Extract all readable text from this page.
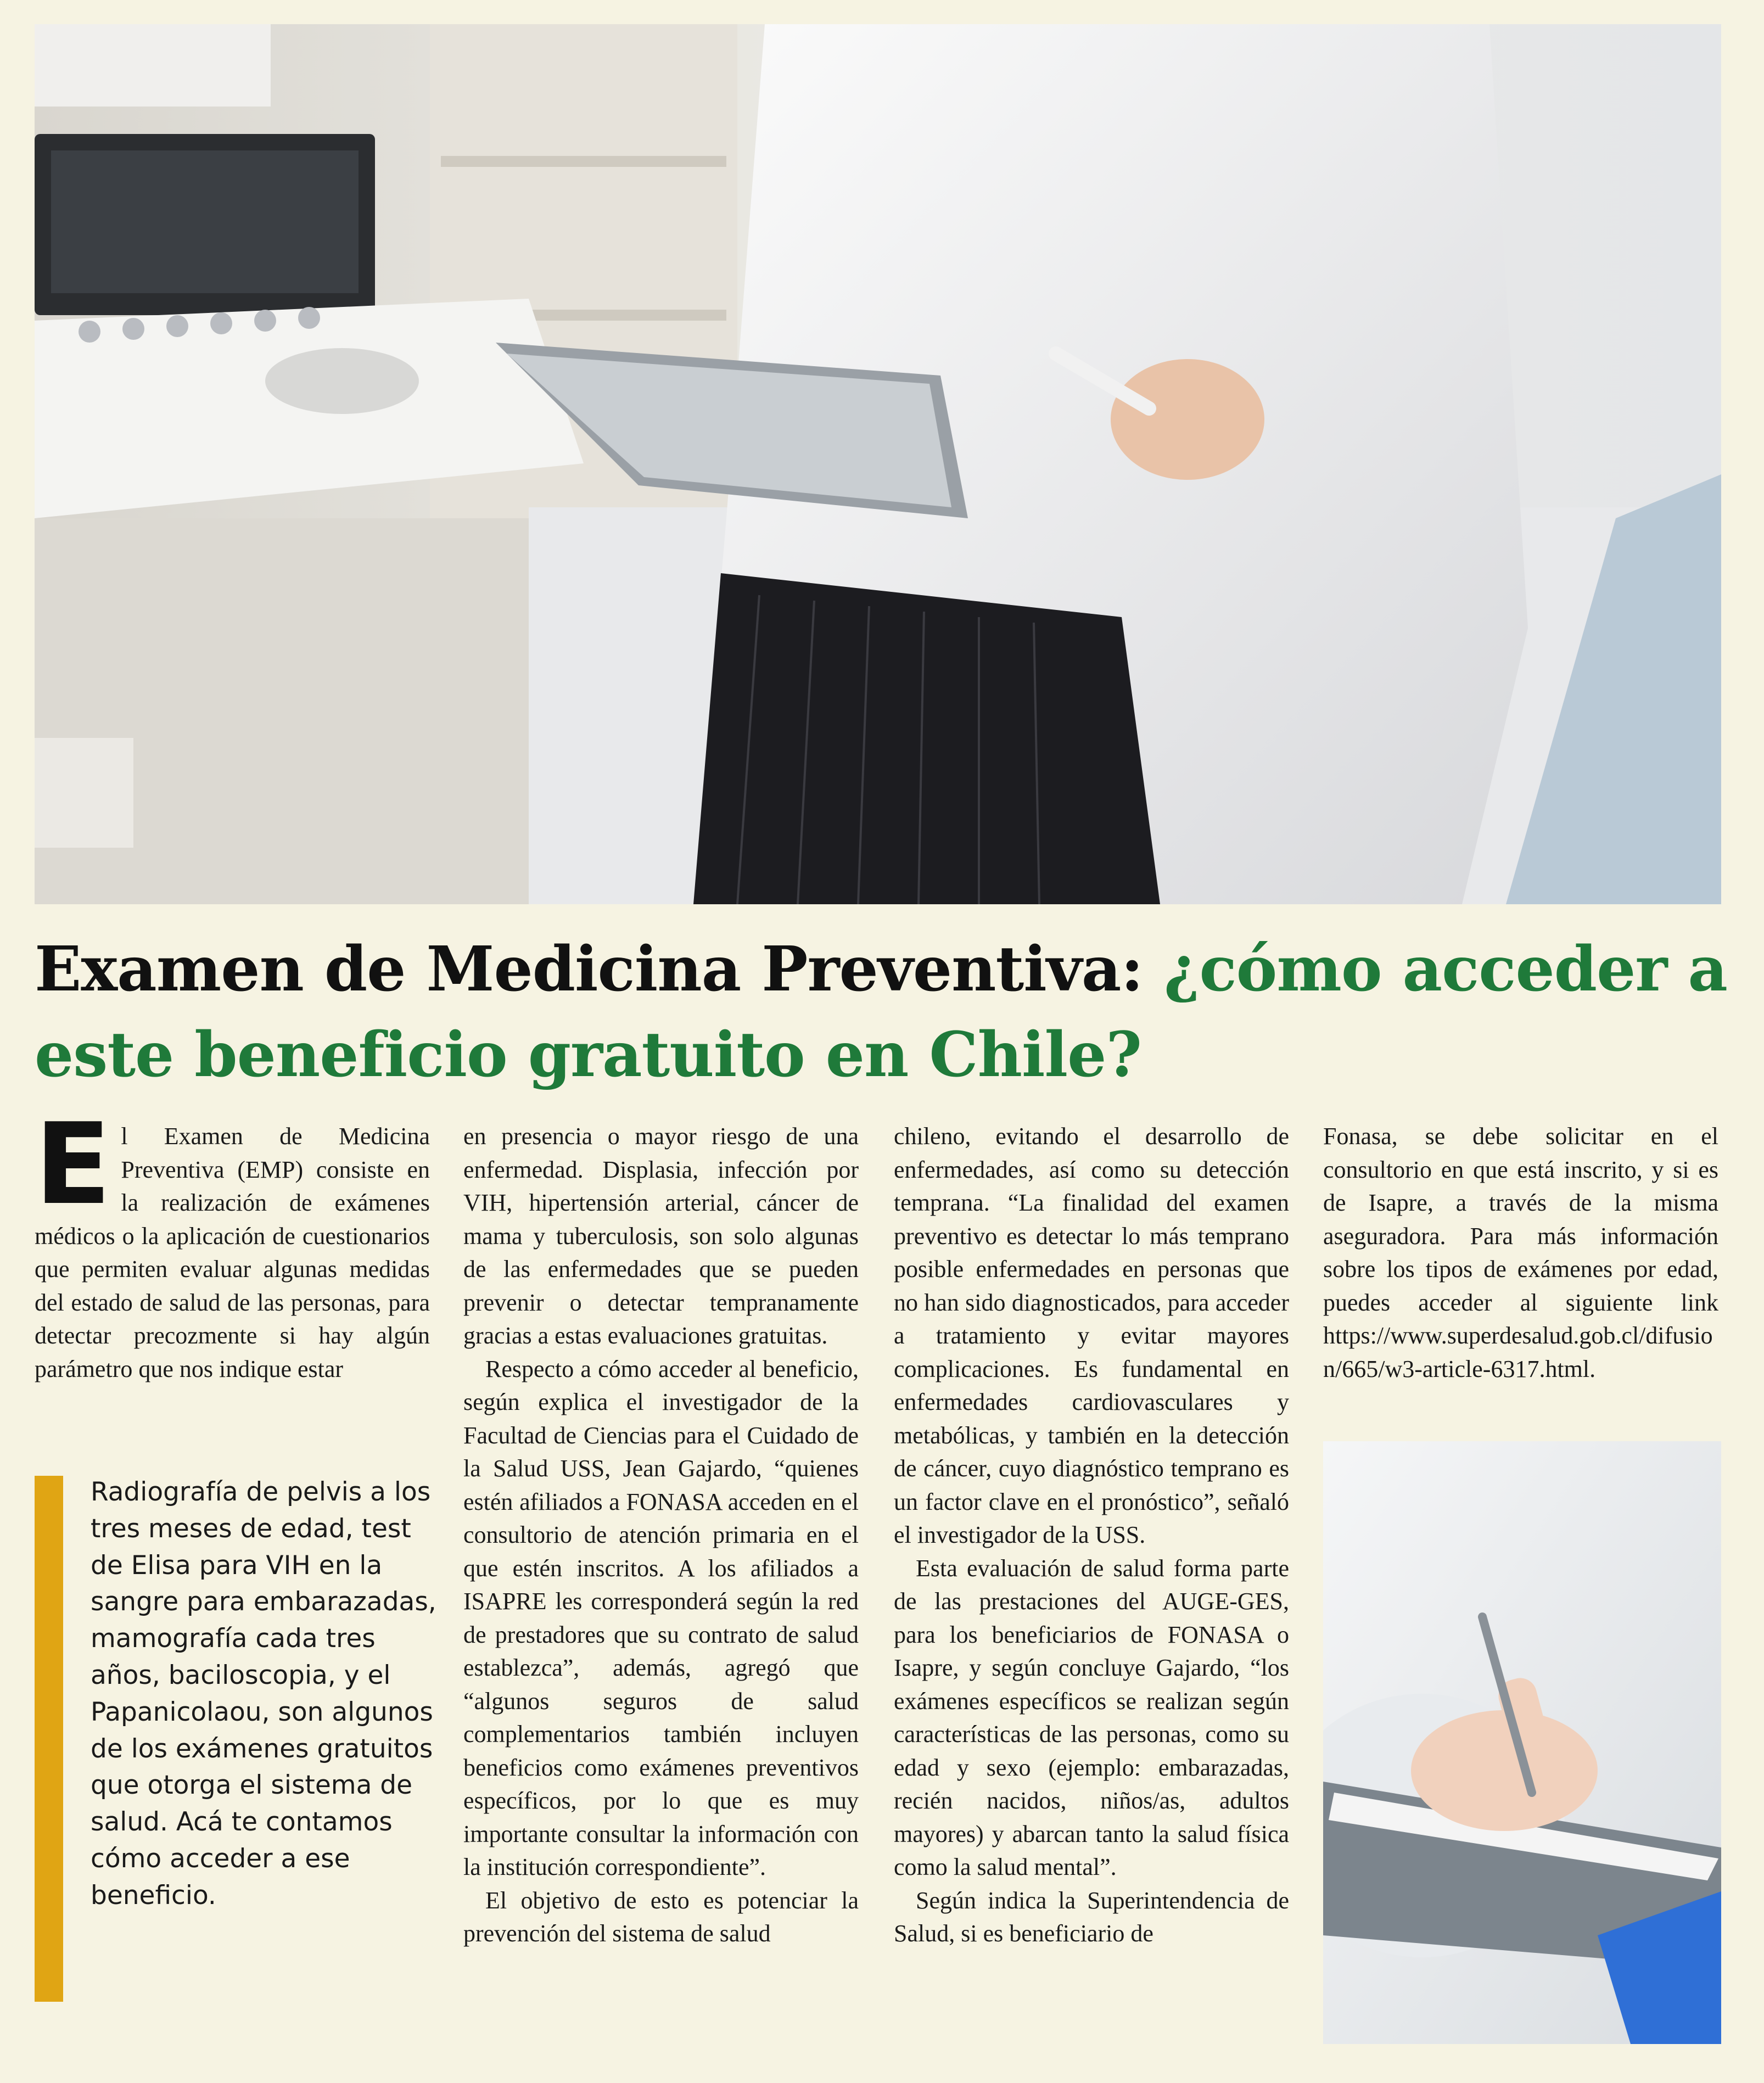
Examen de Medicina Preventiva: ¿cómo acceder a este beneficio gratuito en Chile?

El Examen de Medicina Preventiva (EMP) consiste en la realización de exámenes médicos o la aplicación de cuestionarios que permiten evaluar algunas medidas del estado de salud de las personas, para detectar precozmente si hay algún parámetro que nos indique estar

Radiografía de pelvis a los tres meses de edad, test de Elisa para VIH en la sangre para embarazadas, mamografía cada tres años, baciloscopia, y el Papanicolaou, son algunos de los exámenes gratuitos que otorga el sistema de salud. Acá te contamos cómo acceder a ese beneficio.

en presencia o mayor riesgo de una enfermedad. Displasia, infección por VIH, hipertensión arterial, cáncer de mama y tuberculosis, son solo algunas de las enfermedades que se pueden prevenir o detectar tempranamente gracias a estas evaluaciones gratuitas.

Respecto a cómo acceder al beneficio, según explica el investigador de la Facultad de Ciencias para el Cuidado de la Salud USS, Jean Gajardo, “quienes estén afiliados a FONASA acceden en el consultorio de atención primaria en el que estén inscritos. A los afiliados a ISAPRE les corresponderá según la red de prestadores que su contrato de salud establezca”, además, agregó que “algunos seguros de salud complementarios también incluyen beneficios como exámenes preventivos específicos, por lo que es muy importante consultar la información con la institución correspondiente”.

El objetivo de esto es potenciar la prevención del sistema de salud

chileno, evitando el desarrollo de enfermedades, así como su detección temprana. “La finalidad del examen preventivo es detectar lo más temprano posible enfermedades en personas que no han sido diagnosticados, para acceder a tratamiento y evitar mayores complicaciones. Es fundamental en enfermedades cardiovasculares y metabólicas, y también en la detección de cáncer, cuyo diagnóstico temprano es un factor clave en el pronóstico”, señaló el investigador de la USS.

Esta evaluación de salud forma parte de las prestaciones del AUGE-GES, para los beneficiarios de FONASA o Isapre, y según concluye Gajardo, “los exámenes específicos se realizan según características de las personas, como su edad y sexo (ejemplo: embarazadas, recién nacidos, niños/as, adultos mayores) y abarcan tanto la salud física como la salud mental”.

Según indica la Superintendencia de Salud, si es beneficiario de

Fonasa, se debe solicitar en el consultorio en que está inscrito, y si es de Isapre, a través de la misma aseguradora. Para más información sobre los tipos de exámenes por edad, puedes acceder al siguiente link https://www.superdesalud.gob.cl/difusion/665/w3-article-6317.html.
